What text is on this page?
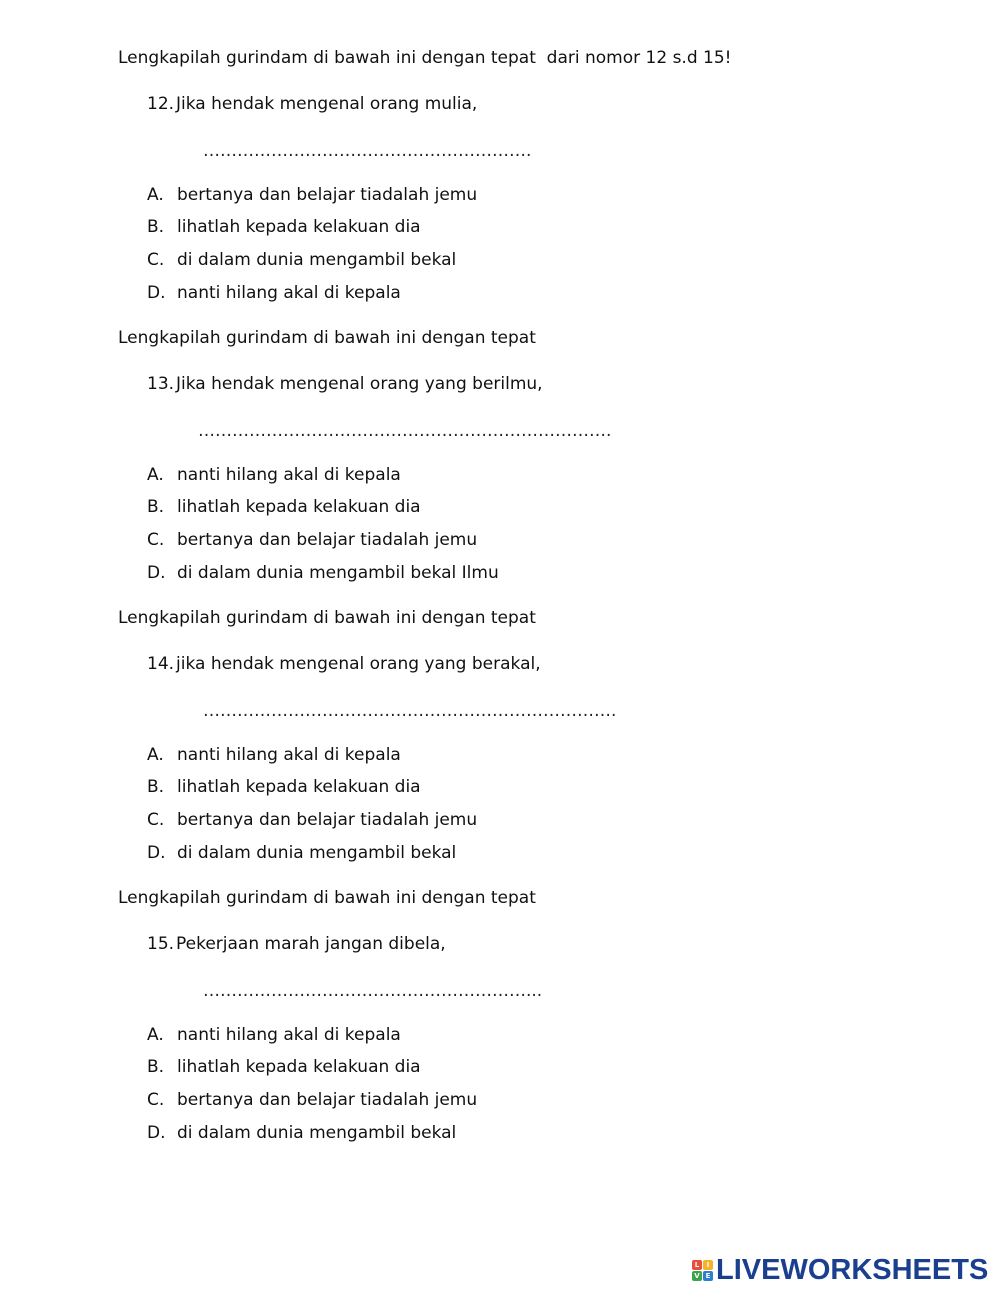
Lengkapilah gurindam di bawah ini dengan tepat  dari nomor 12 s.d 15!
12. Jika hendak mengenal orang mulia,
………………………………………………….
A. bertanya dan belajar tiadalah jemu
B. lihatlah kepada kelakuan dia
C. di dalam dunia mengambil bekal
D. nanti hilang akal di kepala
Lengkapilah gurindam di bawah ini dengan tepat
13. Jika hendak mengenal orang yang berilmu,
……………………………………………………………….
A. nanti hilang akal di kepala
B. lihatlah kepada kelakuan dia
C. bertanya dan belajar tiadalah jemu
D. di dalam dunia mengambil bekal Ilmu
Lengkapilah gurindam di bawah ini dengan tepat
14. jika hendak mengenal orang yang berakal,
……………………………………………………………….
A. nanti hilang akal di kepala
B. lihatlah kepada kelakuan dia
C. bertanya dan belajar tiadalah jemu
D. di dalam dunia mengambil bekal
Lengkapilah gurindam di bawah ini dengan tepat
15. Pekerjaan marah jangan dibela,
…………………………………………………...
A. nanti hilang akal di kepala
B. lihatlah kepada kelakuan dia
C. bertanya dan belajar tiadalah jemu
D. di dalam dunia mengambil bekal
L	I
V E LIVEWORKSHEETS
